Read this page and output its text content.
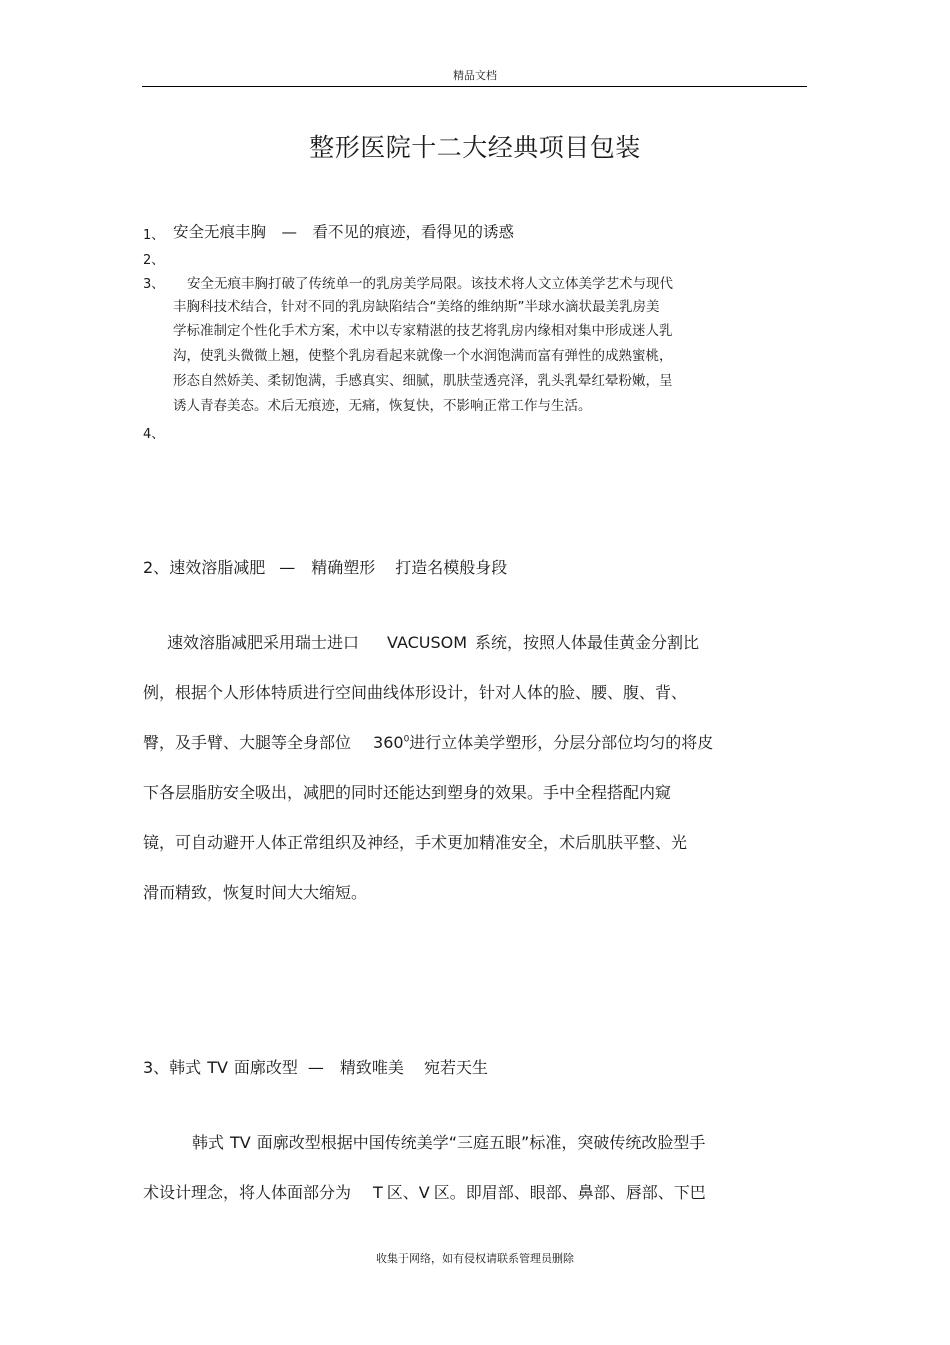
精品文档
整形医院十二大经典项目包装
1、 安全无痕丰胸　—　看不见的痕迹，看得见的诱惑
2、
3、 安全无痕丰胸打破了传统单一的乳房美学局限。该技术将人文立体美学艺术与现代
丰胸科技术结合，针对不同的乳房缺陷结合“美络的维纳斯”半球水滴状最美乳房美
学标准制定个性化手术方案，术中以专家精湛的技艺将乳房内缘相对集中形成迷人乳
沟，使乳头微微上翘，使整个乳房看起来就像一个水润饱满而富有弹性的成熟蜜桃，
形态自然娇美、柔韧饱满，手感真实、细腻，肌肤莹透亮泽，乳头乳晕红晕粉嫩，呈
诱人青春美态。术后无痕迹，无痛，恢复快，不影响正常工作与生活。
4、
2、速效溶脂减肥 —　精确塑形 打造名模般身段
速效溶脂减肥采用瑞士进口 VACUSOM 系统，按照人体最佳黄金分割比
例，根据个人形体特质进行空间曲线体形设计，针对人体的脸、腰、腹、背、
臀，及手臂、大腿等全身部位 $360^0$进行立体美学塑形，分层分部位均匀的将皮
下各层脂肪安全吸出，减肥的同时还能达到塑身的效果。手中全程搭配内窥
镜，可自动避开人体正常组织及神经，手术更加精准安全，术后肌肤平整、光
滑而精致，恢复时间大大缩短。
3、韩式 TV 面廓改型 —　精致唯美 宛若天生
韩式 TV 面廓改型根据中国传统美学“三庭五眼”标准，突破传统改脸型手
术设计理念，将人体面部分为 T 区、V 区。即眉部、眼部、鼻部、唇部、下巴
收集于网络，如有侵权请联系管理员删除
